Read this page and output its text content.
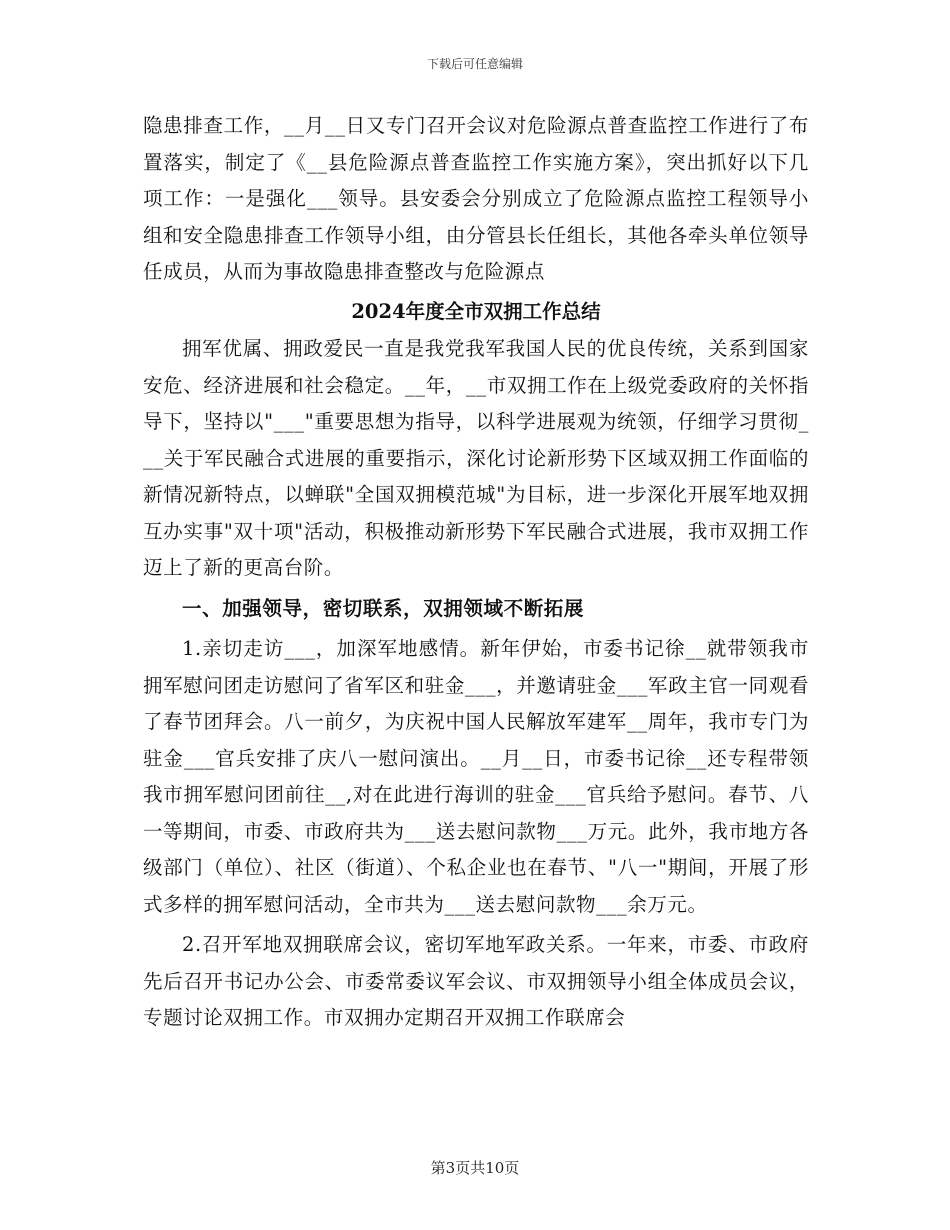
下载后可任意编辑

隐患排查工作，__月__日又专门召开会议对危险源点普查监控工作进行了布置落实，制定了《__县危险源点普查监控工作实施方案》，突出抓好以下几项工作：一是强化___领导。县安委会分别成立了危险源点监控工程领导小组和安全隐患排查工作领导小组，由分管县长任组长，其他各牵头单位领导任成员，从而为事故隐患排查整改与危险源点

2024年度全市双拥工作总结

拥军优属、拥政爱民一直是我党我军我国人民的优良传统，关系到国家安危、经济进展和社会稳定。__年，__市双拥工作在上级党委政府的关怀指导下，坚持以"___"重要思想为指导，以科学进展观为统领，仔细学习贯彻___关于军民融合式进展的重要指示，深化讨论新形势下区域双拥工作面临的新情况新特点，以蝉联"全国双拥模范城"为目标，进一步深化开展军地双拥互办实事"双十项"活动，积极推动新形势下军民融合式进展，我市双拥工作迈上了新的更高台阶。

一、加强领导，密切联系，双拥领域不断拓展

1.亲切走访___，加深军地感情。新年伊始，市委书记徐__就带领我市拥军慰问团走访慰问了省军区和驻金___，并邀请驻金___军政主官一同观看了春节团拜会。八一前夕，为庆祝中国人民解放军建军__周年，我市专门为驻金___官兵安排了庆八一慰问演出。__月__日，市委书记徐__还专程带领我市拥军慰问团前往__,对在此进行海训的驻金___官兵给予慰问。春节、八一等期间，市委、市政府共为___送去慰问款物___万元。此外，我市地方各级部门（单位）、社区（街道）、个私企业也在春节、"八一"期间，开展了形式多样的拥军慰问活动，全市共为___送去慰问款物___余万元。

2.召开军地双拥联席会议，密切军地军政关系。一年来，市委、市政府先后召开书记办公会、市委常委议军会议、市双拥领导小组全体成员会议，专题讨论双拥工作。市双拥办定期召开双拥工作联席会

第3页共10页
